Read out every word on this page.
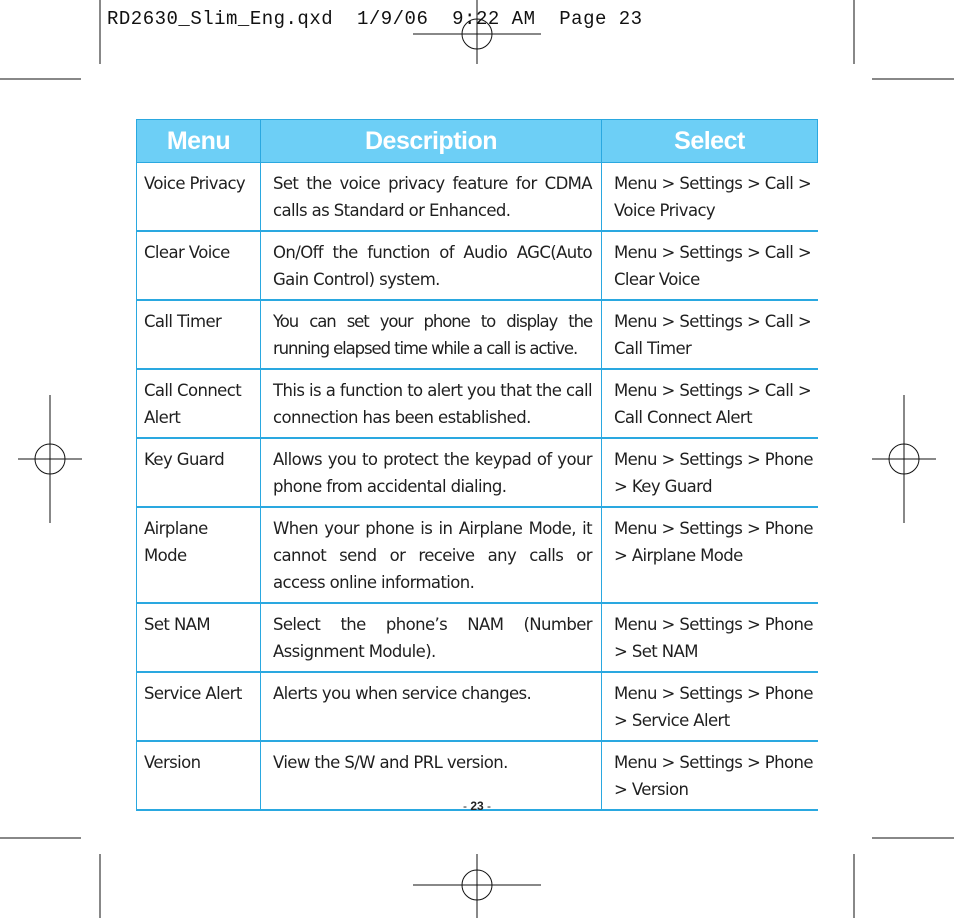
RD2630_Slim_Eng.qxd  1/9/06  9:22 AM  Page 23
Menu	Description	Select
Voice Privacy	Set the voice privacy feature for CDMA calls as Standard or Enhanced.	Menu > Settings > Call > Voice Privacy
Clear Voice	On/Off the function of Audio AGC(Auto Gain Control) system.	Menu > Settings > Call > Clear Voice
Call Timer	You can set your phone to display the running elapsed time while a call is active.	Menu > Settings > Call > Call Timer
Call Connect Alert	This is a function to alert you that the call connection has been established.	Menu > Settings > Call > Call Connect Alert
Key Guard	Allows you to protect the keypad of your phone from accidental dialing.	Menu > Settings > Phone > Key Guard
Airplane Mode	When your phone is in Airplane Mode, it cannot send or receive any calls or access online information.	Menu > Settings > Phone > Airplane Mode
Set NAM	Select the phone’s NAM (Number Assignment Module).	Menu > Settings > Phone > Set NAM
Service Alert	Alerts you when service changes.	Menu > Settings > Phone > Service Alert
Version	View the S/W and PRL version.	Menu > Settings > Phone > Version
- 23 -
